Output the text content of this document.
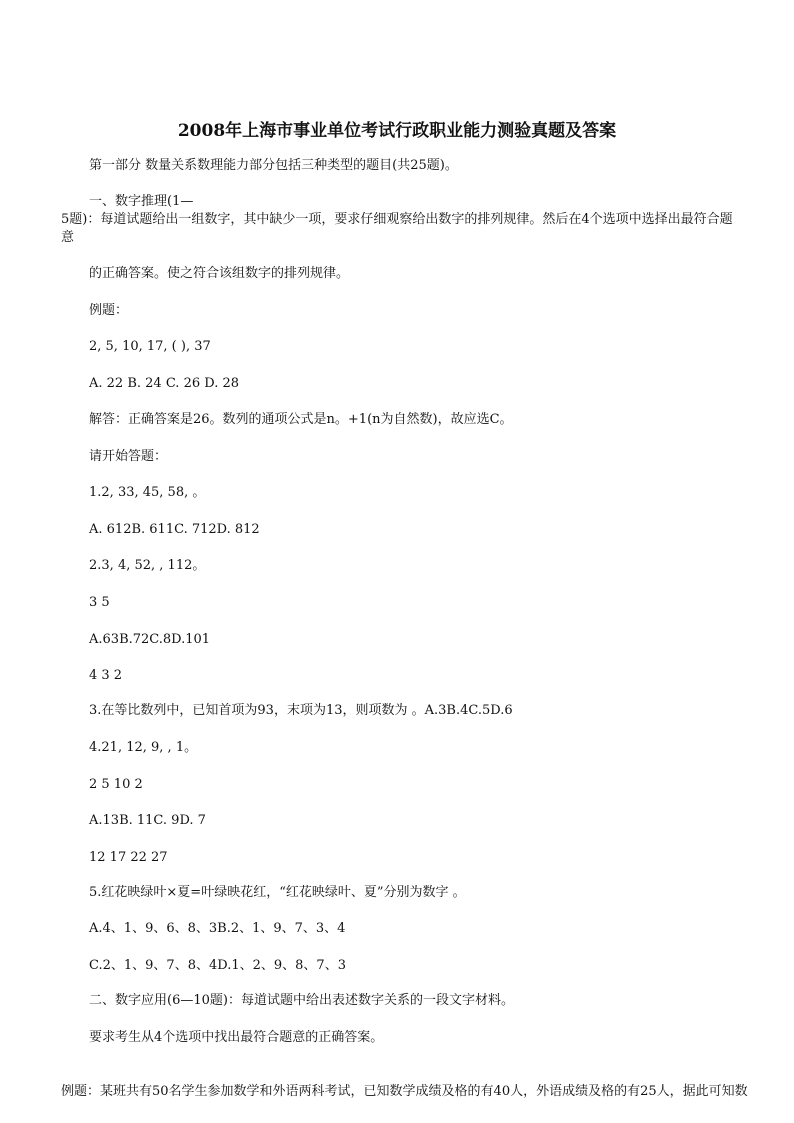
2008年上海市事业单位考试行政职业能力测验真题及答案
第一部分 数量关系数理能力部分包括三种类型的题目(共25题)。
一、数字推理(1—
5题)：每道试题给出一组数字，其中缺少一项，要求仔细观察给出数字的排列规律。然后在4个选项中选择出最符合题
意
的正确答案。使之符合该组数字的排列规律。
例题：
2, 5, 10, 17, ( ), 37
A. 22 B. 24 C. 26 D. 28
解答：正确答案是26。数列的通项公式是n。+1(n为自然数)，故应选C。
请开始答题：
1.2, 33, 45, 58, 。
A. 612B. 611C. 712D. 812
2.3, 4, 52, , 112。
3 5
A.63B.72C.8D.101
4 3 2
3.在等比数列中，已知首项为93，末项为13，则项数为 。A.3B.4C.5D.6
4.21, 12, 9, , 1。
2 5 10 2
A.13B. 11C. 9D. 7
12 17 22 27
5.红花映绿叶×夏=叶绿映花红，“红花映绿叶、夏”分别为数字 。
A.4、1、9、6、8、3B.2、1、9、7、3、4
C.2、1、9、7、8、4D.1、2、9、8、7、3
二、数字应用(6—10题)：每道试题中给出表述数字关系的一段文字材料。
要求考生从4个选项中找出最符合题意的正确答案。
例题：某班共有50名学生参加数学和外语两科考试，已知数学成绩及格的有40人，外语成绩及格的有25人，据此可知数
